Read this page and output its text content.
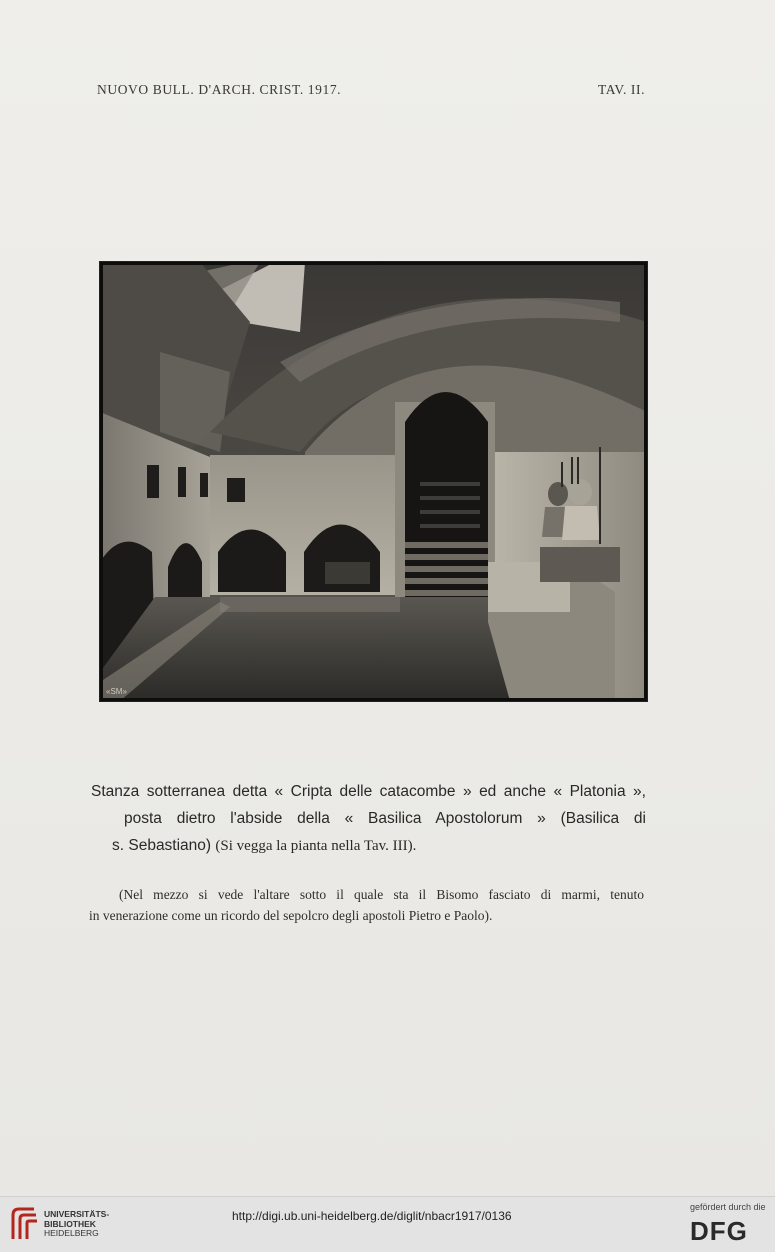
NUOVO BULL. D'ARCH. CRIST. 1917.	TAV. II.
«SM»
Stanza sotterranea detta « Cripta delle catacombe » ed anche « Platonia »,
posta dietro l'abside della « Basilica Apostolorum » (Basilica di
s. Sebastiano) (Si vegga la pianta nella Tav. III).
(Nel mezzo si vede l'altare sotto il quale sta il Bisomo fasciato di marmi, tenuto
in venerazione come un ricordo del sepolcro degli apostoli Pietro e Paolo).
UNIVERSITÄTS-
BIBLIOTHEK
HEIDELBERG
http://digi.ub.uni-heidelberg.de/diglit/nbacr1917/0136
gefördert durch die
DFG
